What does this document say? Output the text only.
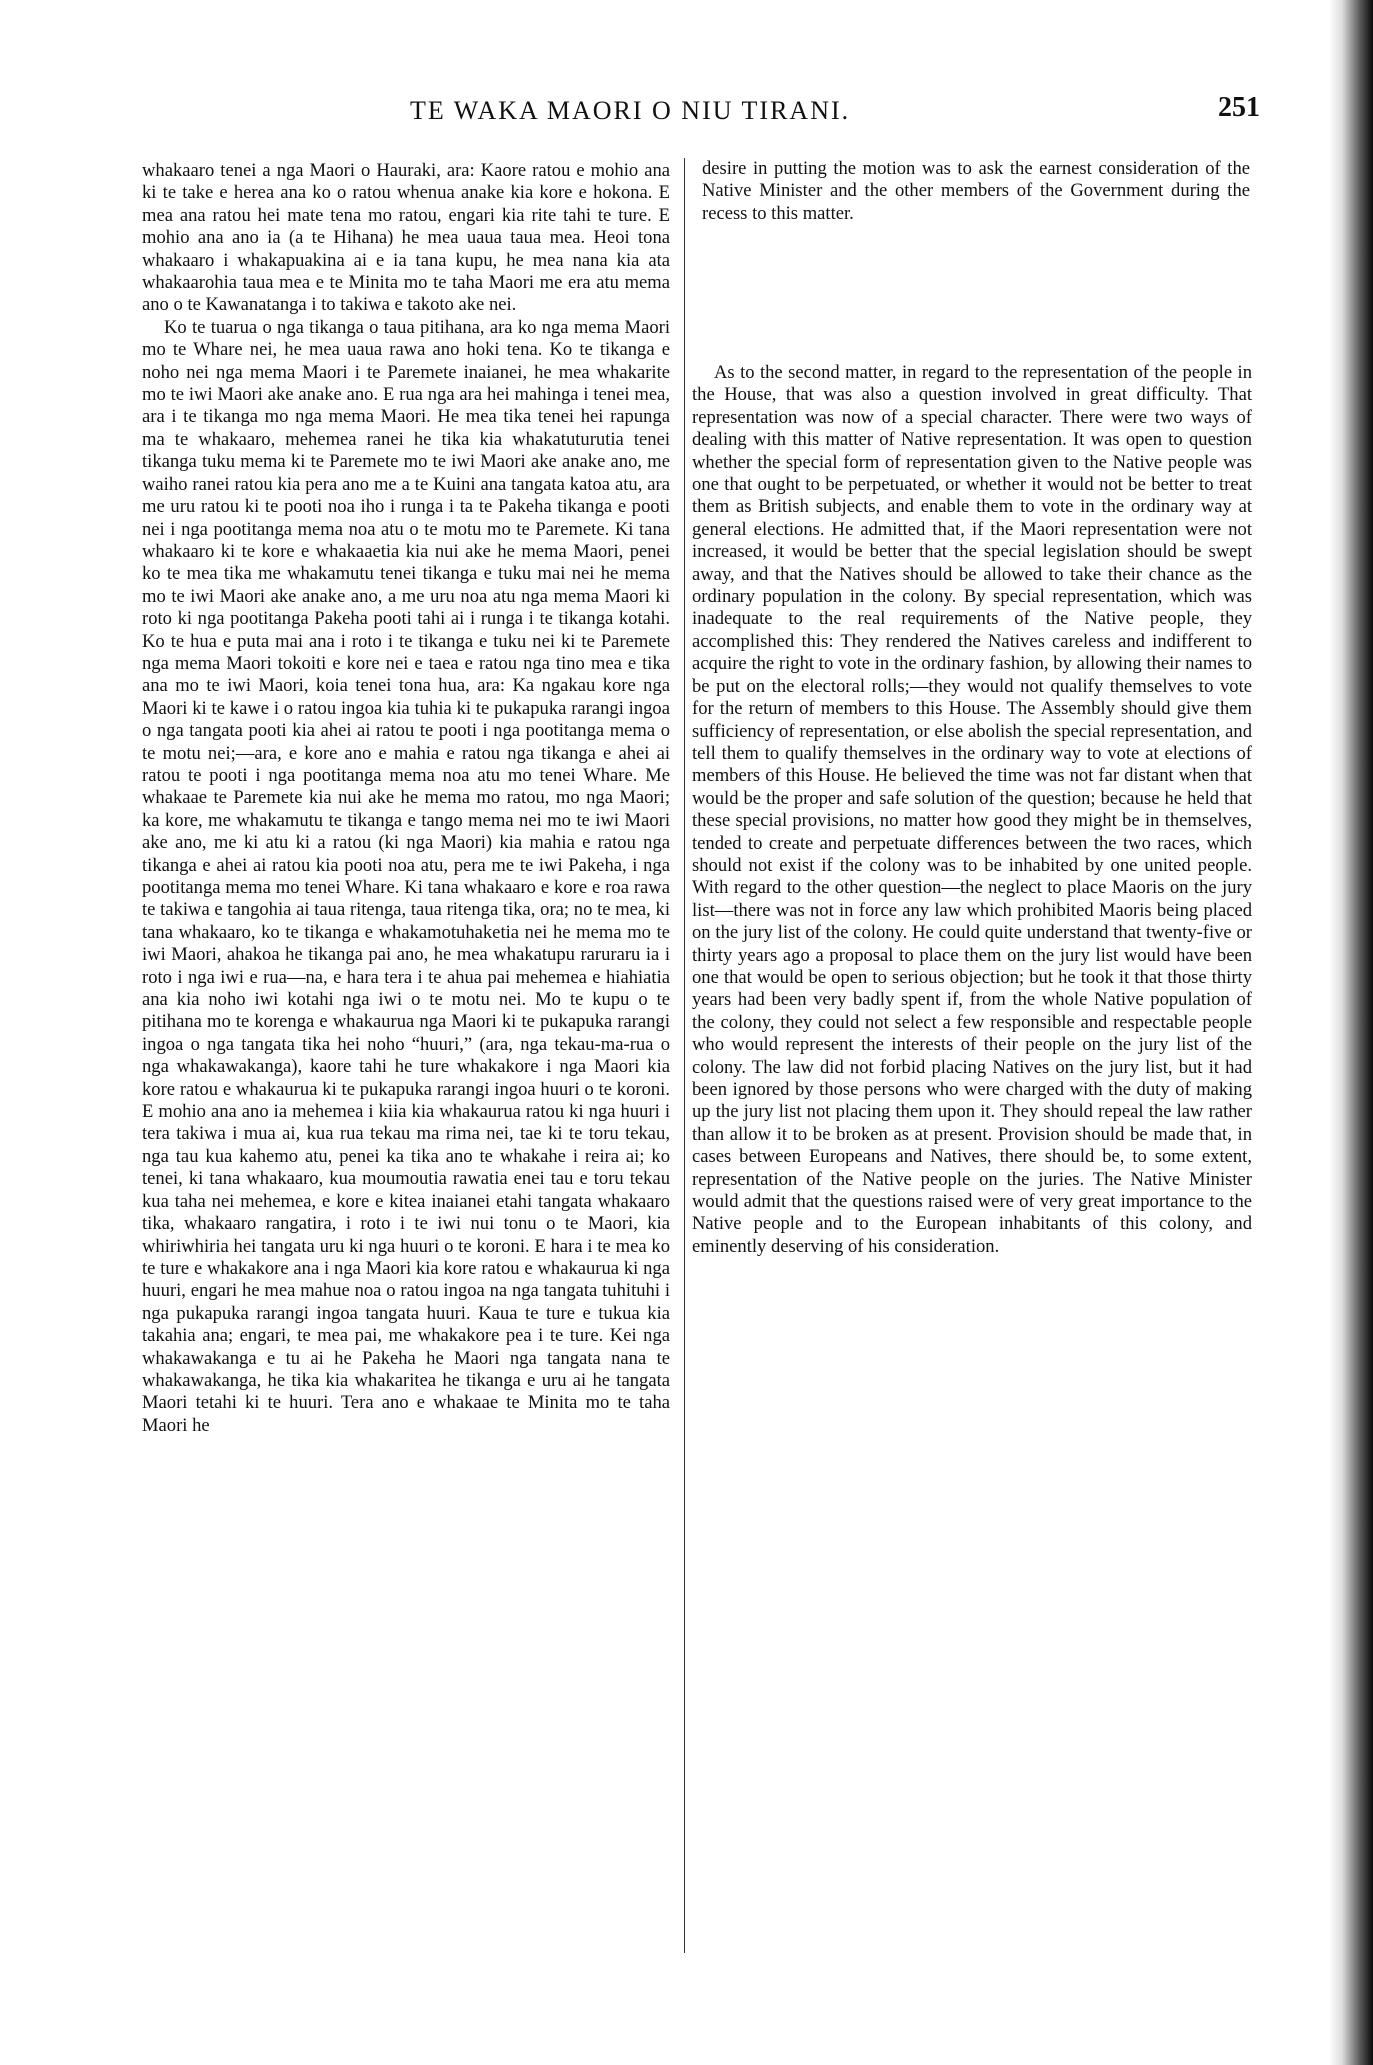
TE WAKA MAORI O NIU TIRANI.	251

whakaaro tenei a nga Maori o Hauraki, ara: Kaore ratou e mohio ana ki te take e herea ana ko o ratou whenua anake kia kore e hokona. E mea ana ratou hei mate tena mo ratou, engari kia rite tahi te ture. E mohio ana ano ia (a te Hihana) he mea uaua taua mea. Heoi tona whakaaro i whakapuakina ai e ia tana kupu, he mea nana kia ata whakaarohia taua mea e te Minita mo te taha Maori me era atu mema ano o te Kawanatanga i to takiwa e takoto ake nei.

Ko te tuarua o nga tikanga o taua pitihana, ara ko nga mema Maori mo te Whare nei, he mea uaua rawa ano hoki tena. Ko te tikanga e noho nei nga mema Maori i te Paremete inaianei, he mea whakarite mo te iwi Maori ake anake ano. E rua nga ara hei mahinga i tenei mea, ara i te tikanga mo nga mema Maori. He mea tika tenei hei rapunga ma te whakaaro, mehemea ranei he tika kia whakatuturutia tenei tikanga tuku mema ki te Paremete mo te iwi Maori ake anake ano, me waiho ranei ratou kia pera ano me a te Kuini ana tangata katoa atu, ara me uru ratou ki te pooti noa iho i runga i ta te Pakeha tikanga e pooti nei i nga pootitanga mema noa atu o te motu mo te Paremete. Ki tana whakaaro ki te kore e whakaaetia kia nui ake he mema Maori, penei ko te mea tika me whakamutu tenei tikanga e tuku mai nei he mema mo te iwi Maori ake anake ano, a me uru noa atu nga mema Maori ki roto ki nga pootitanga Pakeha pooti tahi ai i runga i te tikanga kotahi. Ko te hua e puta mai ana i roto i te tikanga e tuku nei ki te Paremete nga mema Maori tokoiti e kore nei e taea e ratou nga tino mea e tika ana mo te iwi Maori, koia tenei tona hua, ara: Ka ngakau kore nga Maori ki te kawe i o ratou ingoa kia tuhia ki te pukapuka rarangi ingoa o nga tangata pooti kia ahei ai ratou te pooti i nga pootitanga mema o te motu nei;—ara, e kore ano e mahia e ratou nga tikanga e ahei ai ratou te pooti i nga pootitanga mema noa atu mo tenei Whare. Me whakaae te Paremete kia nui ake he mema mo ratou, mo nga Maori; ka kore, me whakamutu te tikanga e tango mema nei mo te iwi Maori ake ano, me ki atu ki a ratou (ki nga Maori) kia mahia e ratou nga tikanga e ahei ai ratou kia pooti noa atu, pera me te iwi Pakeha, i nga pootitanga mema mo tenei Whare. Ki tana whakaaro e kore e roa rawa te takiwa e tangohia ai taua ritenga, taua ritenga tika, ora; no te mea, ki tana whakaaro, ko te tikanga e whakamotuhaketia nei he mema mo te iwi Maori, ahakoa he tikanga pai ano, he mea whakatupu raruraru ia i roto i nga iwi e rua—na, e hara tera i te ahua pai mehemea e hiahiatia ana kia noho iwi kotahi nga iwi o te motu nei. Mo te kupu o te pitihana mo te korenga e whakaurua nga Maori ki te pukapuka rarangi ingoa o nga tangata tika hei noho “huuri,” (ara, nga tekau-ma-rua o nga whakawakanga), kaore tahi he ture whakakore i nga Maori kia kore ratou e whakaurua ki te pukapuka rarangi ingoa huuri o te koroni. E mohio ana ano ia mehemea i kiia kia whakaurua ratou ki nga huuri i tera takiwa i mua ai, kua rua tekau ma rima nei, tae ki te toru tekau, nga tau kua kahemo atu, penei ka tika ano te whakahe i reira ai; ko tenei, ki tana whakaaro, kua moumoutia rawatia enei tau e toru tekau kua taha nei mehemea, e kore e kitea inaianei etahi tangata whakaaro tika, whakaaro rangatira, i roto i te iwi nui tonu o te Maori, kia whiriwhiria hei tangata uru ki nga huuri o te koroni. E hara i te mea ko te ture e whakakore ana i nga Maori kia kore ratou e whakaurua ki nga huuri, engari he mea mahue noa o ratou ingoa na nga tangata tuhituhi i nga pukapuka rarangi ingoa tangata huuri. Kaua te ture e tukua kia takahia ana; engari, te mea pai, me whakakore pea i te ture. Kei nga whakawakanga e tu ai he Pakeha he Maori nga tangata nana te whakawakanga, he tika kia whakaritea he tikanga e uru ai he tangata Maori tetahi ki te huuri. Tera ano e whakaae te Minita mo te taha Maori he

desire in putting the motion was to ask the earnest consideration of the Native Minister and the other members of the Government during the recess to this matter.

As to the second matter, in regard to the representation of the people in the House, that was also a question involved in great difficulty. That representation was now of a special character. There were two ways of dealing with this matter of Native representation. It was open to question whether the special form of representation given to the Native people was one that ought to be perpetuated, or whether it would not be better to treat them as British subjects, and enable them to vote in the ordinary way at general elections. He admitted that, if the Maori representation were not increased, it would be better that the special legislation should be swept away, and that the Natives should be allowed to take their chance as the ordinary population in the colony. By special representation, which was inadequate to the real requirements of the Native people, they accomplished this: They rendered the Natives careless and indifferent to acquire the right to vote in the ordinary fashion, by allowing their names to be put on the electoral rolls;—they would not qualify themselves to vote for the return of members to this House. The Assembly should give them sufficiency of representation, or else abolish the special representation, and tell them to qualify themselves in the ordinary way to vote at elections of members of this House. He believed the time was not far distant when that would be the proper and safe solution of the question; because he held that these special provisions, no matter how good they might be in themselves, tended to create and perpetuate differences between the two races, which should not exist if the colony was to be inhabited by one united people. With regard to the other question—the neglect to place Maoris on the jury list—there was not in force any law which prohibited Maoris being placed on the jury list of the colony. He could quite understand that twenty-five or thirty years ago a proposal to place them on the jury list would have been one that would be open to serious objection; but he took it that those thirty years had been very badly spent if, from the whole Native population of the colony, they could not select a few responsible and respectable people who would represent the interests of their people on the jury list of the colony. The law did not forbid placing Natives on the jury list, but it had been ignored by those persons who were charged with the duty of making up the jury list not placing them upon it. They should repeal the law rather than allow it to be broken as at present. Provision should be made that, in cases between Europeans and Natives, there should be, to some extent, representation of the Native people on the juries. The Native Minister would admit that the questions raised were of very great importance to the Native people and to the European inhabitants of this colony, and eminently deserving of his consideration.
